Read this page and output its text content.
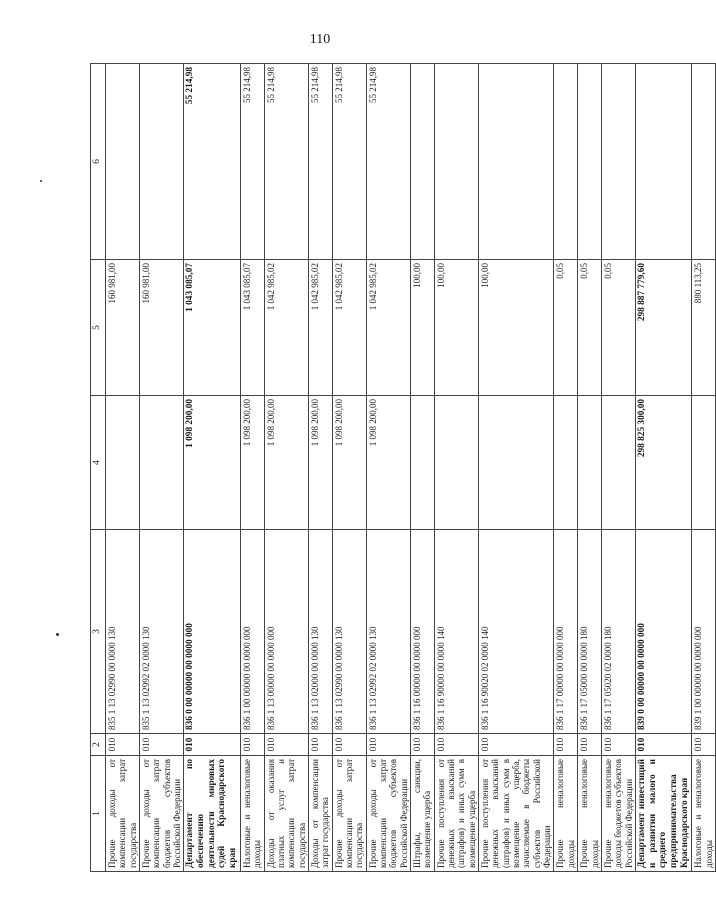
110
1	2	3	4	5	6
Прочие доходы от компенсации затрат государства	010	835 1 13 02990 00 0000 130		160 981,00	
Прочие доходы от компенсации затрат бюджетов субъектов Российской Федерации	010	835 1 13 02992 02 0000 130		160 981,00	
Департамент по обеспечению деятельности мировых судей Краснодарского края	010	836 0 00 00000 00 0000 000	1 098 200,00	1 043 085,07	55 214,98
Налоговые и неналоговые доходы	010	836 1 00 00000 00 0000 000	1 098 200,00	1 043 085,07	55 214,98
Доходы от оказания платных услуг и компенсации затрат государства	010	836 1 13 00000 00 0000 000	1 098 200,00	1 042 985,02	55 214,98
Доходы от компенсации затрат государства	010	836 1 13 02000 00 0000 130	1 098 200,00	1 042 985,02	55 214,98
Прочие доходы от компенсации затрат государства	010	836 1 13 02990 00 0000 130	1 098 200,00	1 042 985,02	55 214,98
Прочие доходы от компенсации затрат бюджетов субъектов Российской Федерации	010	836 1 13 02992 02 0000 130	1 098 200,00	1 042 985,02	55 214,98
Штрафы, санкции, возмещение ущерба	010	836 1 16 00000 00 0000 000		100,00	
Прочие поступления от денежных взысканий (штрафов) и иных сумм в возмещение ущерба	010	836 1 16 90000 00 0000 140		100,00	
Прочие поступления от денежных взысканий (штрафов) и иных сумм в возмещение ущерба, зачисляемые в бюджеты субъектов Российской Федерации	010	836 1 16 90020 02 0000 140		100,00	
Прочие неналоговые доходы	010	836 1 17 00000 00 0000 000		0,05	
Прочие неналоговые доходы	010	836 1 17 05000 00 0000 180		0,05	
Прочие неналоговые доходы бюджетов субъектов Российской Федерации	010	836 1 17 05020 02 0000 180		0,05	
Департамент инвестиций и развития малого и среднего предпринимательства Краснодарского края	010	839 0 00 00000 00 0000 000	298 825 300,00	298 887 779,60	
Налоговые и неналоговые доходы	010	839 1 00 00000 00 0000 000		880 113,25	
